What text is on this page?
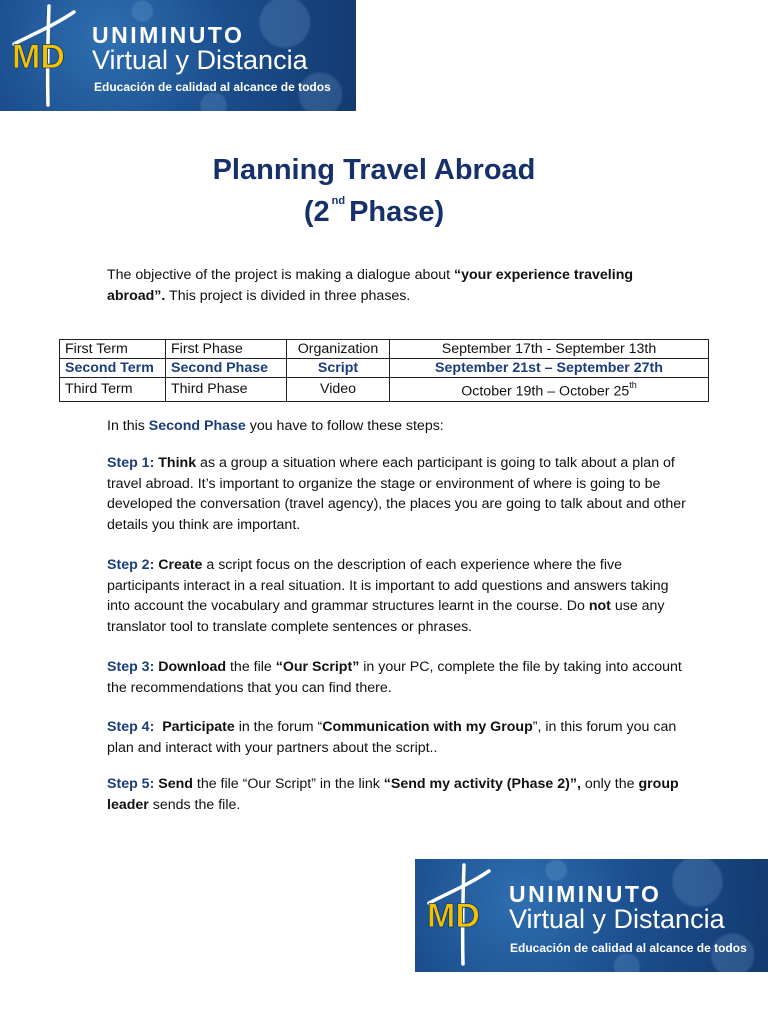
MD
UNIMINUTO
Virtual y Distancia
Educación de calidad al alcance de todos
Planning Travel Abroad
(2 $^{nd}$ Phase)

The objective of the project is making a dialogue about “your experience traveling abroad”. This project is divided in three phases.

First Term	First Phase	Organization	September 17th - September 13th
Second Term	Second Phase	Script	September 21st – September 27th
Third Term	Third Phase	Video	October 19th – October 25th

In this Second Phase you have to follow these steps:

Step 1: Think as a group a situation where each participant is going to talk about a plan of travel abroad. It’s important to organize the stage or environment of where is going to be developed the conversation (travel agency), the places you are going to talk about and other details you think are important.

Step 2: Create a script focus on the description of each experience where the five participants interact in a real situation. It is important to add questions and answers taking into account the vocabulary and grammar structures learnt in the course. Do not use any translator tool to translate complete sentences or phrases.

Step 3: Download the file “Our Script” in your PC, complete the file by taking into account the recommendations that you can find there.

Step 4: Participate in the forum “Communication with my Group”, in this forum you can plan and interact with your partners about the script..

Step 5: Send the file “Our Script” in the link “Send my activity (Phase 2)”, only the group leader sends the file.

MD
UNIMINUTO
Virtual y Distancia
Educación de calidad al alcance de todos
